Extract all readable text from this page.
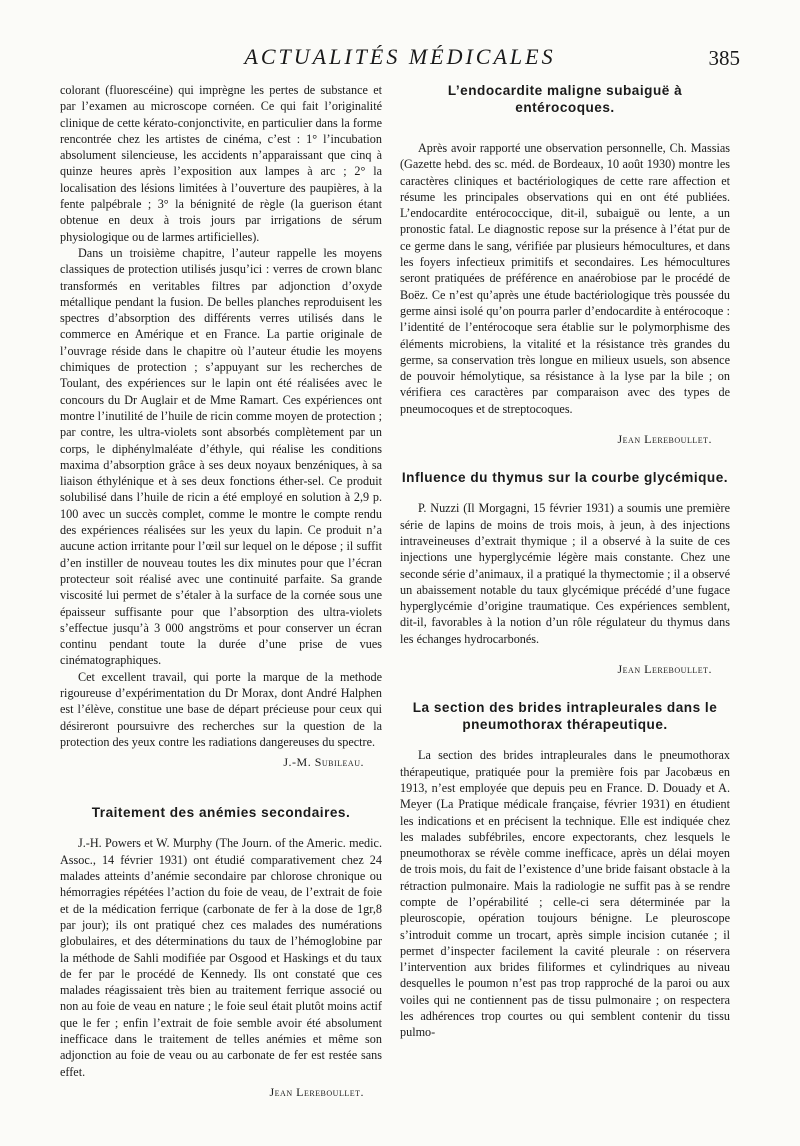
ACTUALITÉS MÉDICALES	385

colorant (fluorescéine) qui imprègne les pertes de substance et par l’examen au microscope cornéen. Ce qui fait l’originalité clinique de cette kérato-conjonctivite, en particulier dans la forme rencontrée chez les artistes de cinéma, c’est : 1° l’incubation absolument silencieuse, les accidents n’apparaissant que cinq à quinze heures après l’exposition aux lampes à arc ; 2° la localisation des lésions limitées à l’ouverture des paupières, à la fente palpébrale ; 3° la bénignité de règle (la guerison étant obtenue en deux à trois jours par irrigations de sérum physiologique ou de larmes artificielles).

Dans un troisième chapitre, l’auteur rappelle les moyens classiques de protection utilisés jusqu’ici : verres de crown blanc transformés en veritables filtres par adjonction d’oxyde métallique pendant la fusion. De belles planches reproduisent les spectres d’absorption des différents verres utilisés dans le commerce en Amérique et en France. La partie originale de l’ouvrage réside dans le chapitre où l’auteur étudie les moyens chimiques de protection ; s’appuyant sur les recherches de Toulant, des expériences sur le lapin ont été réalisées avec le concours du Dr Auglair et de Mme Ramart. Ces expériences ont montre l’inutilité de l’huile de ricin comme moyen de protection ; par contre, les ultra-violets sont absorbés complètement par un corps, le diphénylmaléate d’éthyle, qui réalise les conditions maxima d’absorption grâce à ses deux noyaux benzéniques, à sa liaison éthylénique et à ses deux fonctions éther-sel. Ce produit solubilisé dans l’huile de ricin a été employé en solution à 2,9 p. 100 avec un succès complet, comme le montre le compte rendu des expériences réalisées sur les yeux du lapin. Ce produit n’a aucune action irritante pour l’œil sur lequel on le dépose ; il suffit d’en instiller de nouveau toutes les dix minutes pour que l’écran protecteur soit réalisé avec une continuité parfaite. Sa grande viscosité lui permet de s’étaler à la surface de la cornée sous une épaisseur suffisante pour que l’absorption des ultra-violets s’effectue jusqu’à 3 000 angströms et pour conserver un écran continu pendant toute la durée d’une prise de vues cinématographiques.

Cet excellent travail, qui porte la marque de la methode rigoureuse d’expérimentation du Dr Morax, dont André Halphen est l’élève, constitue une base de départ précieuse pour ceux qui désireront poursuivre des recherches sur la question de la protection des yeux contre les radiations dangereuses du spectre.

J.-M. Subileau.

Traitement des anémies secondaires.

J.-H. Powers et W. Murphy (The Journ. of the Americ. medic. Assoc., 14 février 1931) ont étudié comparativement chez 24 malades atteints d’anémie secondaire par chlorose chronique ou hémorragies répétées l’action du foie de veau, de l’extrait de foie et de la médication ferrique (carbonate de fer à la dose de 1gr,8 par jour); ils ont pratiqué chez ces malades des numérations globulaires, et des déterminations du taux de l’hémoglobine par la méthode de Sahli modifiée par Osgood et Haskings et du taux de fer par le procédé de Kennedy. Ils ont constaté que ces malades réagissaient très bien au traitement ferrique associé ou non au foie de veau en nature ; le foie seul était plutôt moins actif que le fer ; enfin l’extrait de foie semble avoir été absolument inefficace dans le traitement de telles anémies et même son adjonction au foie de veau ou au carbonate de fer est restée sans effet.

Jean Lereboullet.

L’endocardite maligne subaiguë à entérocoques.

Après avoir rapporté une observation personnelle, Ch. Massias (Gazette hebd. des sc. méd. de Bordeaux, 10 août 1930) montre les caractères cliniques et bactériologiques de cette rare affection et résume les principales observations qui en ont été publiées. L’endocardite entérococcique, dit-il, subaiguë ou lente, a un pronostic fatal. Le diagnostic repose sur la présence à l’état pur de ce germe dans le sang, vérifiée par plusieurs hémocultures, et dans les foyers infectieux primitifs et secondaires. Les hémocultures seront pratiquées de préférence en anaérobiose par le procédé de Boëz. Ce n’est qu’après une étude bactériologique très poussée du germe ainsi isolé qu’on pourra parler d’endocardite à entérocoque : l’identité de l’entérocoque sera établie sur le polymorphisme des éléments microbiens, la vitalité et la résistance très grandes du germe, sa conservation très longue en milieux usuels, son absence de pouvoir hémolytique, sa résistance à la lyse par la bile ; on vérifiera ces caractères par comparaison avec des types de pneumocoques et de streptocoques.

Jean Lereboullet.

Influence du thymus sur la courbe glycémique.

P. Nuzzi (Il Morgagni, 15 février 1931) a soumis une première série de lapins de moins de trois mois, à jeun, à des injections intraveineuses d’extrait thymique ; il a observé à la suite de ces injections une hyperglycémie légère mais constante. Chez une seconde série d’animaux, il a pratiqué la thymectomie ; il a observé un abaissement notable du taux glycémique précédé d’une fugace hyperglycémie d’origine traumatique. Ces expériences semblent, dit-il, favorables à la notion d’un rôle régulateur du thymus dans les échanges hydrocarbonés.

Jean Lereboullet.

La section des brides intrapleurales dans le pneumothorax thérapeutique.

La section des brides intrapleurales dans le pneumothorax thérapeutique, pratiquée pour la première fois par Jacobæus en 1913, n’est employée que depuis peu en France. D. Douady et A. Meyer (La Pratique médicale française, février 1931) en étudient les indications et en précisent la technique. Elle est indiquée chez les malades subfébriles, encore expectorants, chez lesquels le pneumothorax se révèle comme inefficace, après un délai moyen de trois mois, du fait de l’existence d’une bride faisant obstacle à la rétraction pulmonaire. Mais la radiologie ne suffit pas à se rendre compte de l’opérabilité ; celle-ci sera déterminée par la pleuroscopie, opération toujours bénigne. Le pleuroscope s’introduit comme un trocart, après simple incision cutanée ; il permet d’inspecter facilement la cavité pleurale : on réservera l’intervention aux brides filiformes et cylindriques au niveau desquelles le poumon n’est pas trop rapproché de la paroi ou aux voiles qui ne contiennent pas de tissu pulmonaire ; on respectera les adhérences trop courtes ou qui semblent contenir du tissu pulmo-
